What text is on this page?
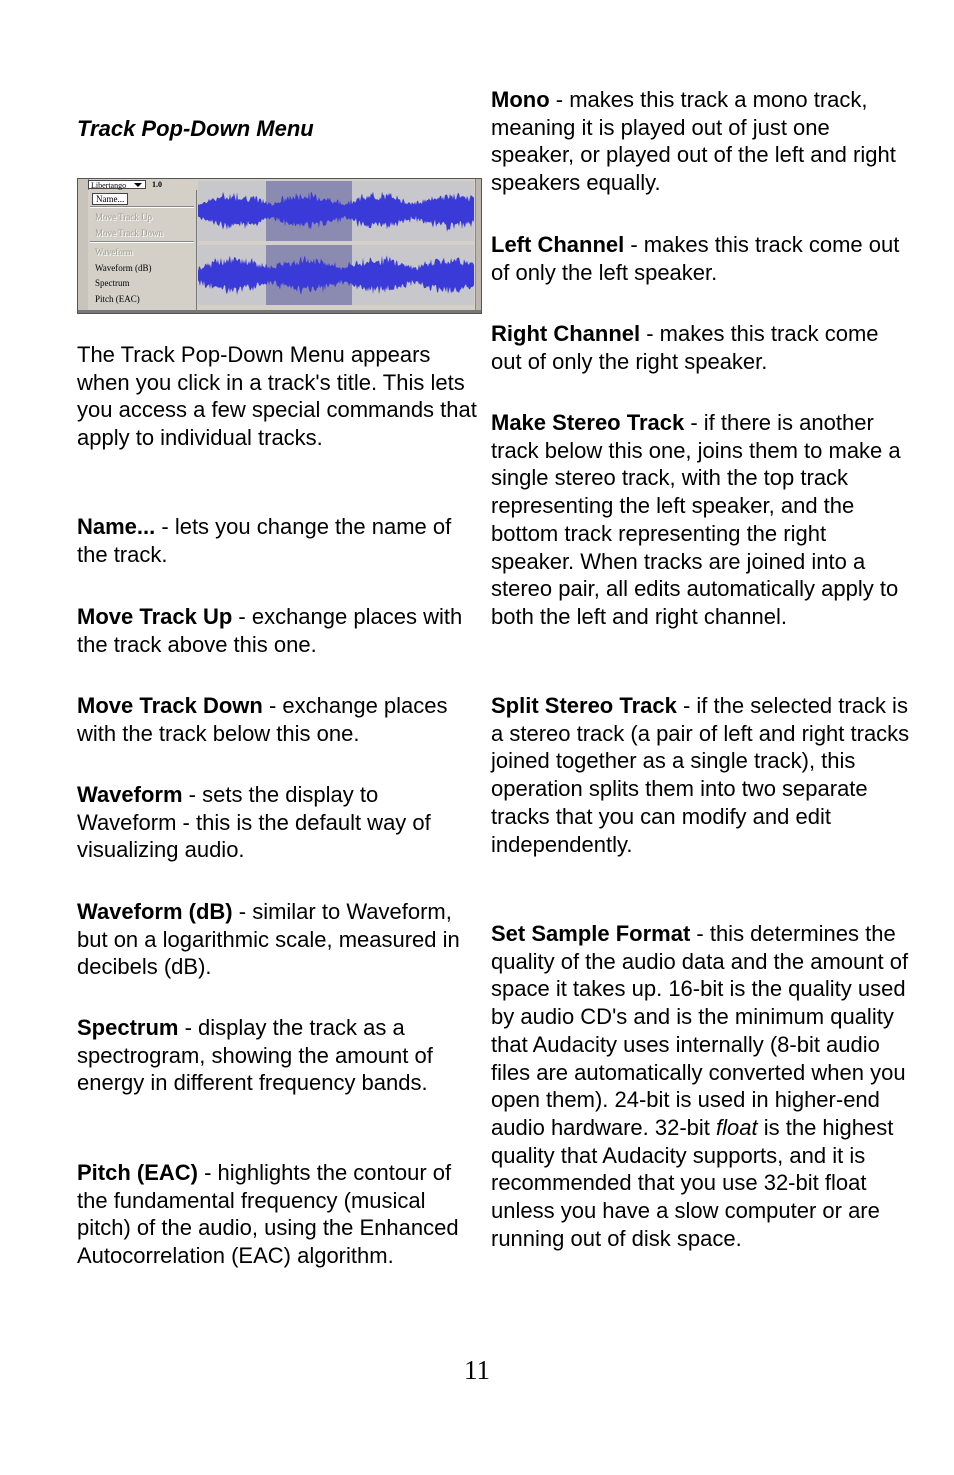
Track Pop-Down Menu

The Track Pop-Down Menu appears when you click in a track's title. This lets you access a few special commands that apply to individual tracks.

Name... - lets you change the name of the track.

Move Track Up - exchange places with the track above this one.

Move Track Down - exchange places with the track below this one.

Waveform - sets the display to Waveform - this is the default way of visualizing audio.

Waveform (dB) - similar to Waveform, but on a logarithmic scale, measured in decibels (dB).

Spectrum - display the track as a spectrogram, showing the amount of energy in different frequency bands.

Pitch (EAC) - highlights the contour of the fundamental frequency (musical pitch) of the audio, using the Enhanced Autocorrelation (EAC) algorithm.

Libertango	1.0
Name...
Move Track Up
Move Track Down
Waveform
Waveform (dB)
Spectrum
Pitch (EAC)

Mono - makes this track a mono track, meaning it is played out of just one speaker, or played out of the left and right speakers equally.

Left Channel - makes this track come out of only the left speaker.

Right Channel - makes this track come out of only the right speaker.

Make Stereo Track - if there is another track below this one, joins them to make a single stereo track, with the top track representing the left speaker, and the bottom track representing the right speaker. When tracks are joined into a stereo pair, all edits automatically apply to both the left and right channel.

Split Stereo Track - if the selected track is a stereo track (a pair of left and right tracks joined together as a single track), this operation splits them into two separate tracks that you can modify and edit independently.

Set Sample Format - this determines the quality of the audio data and the amount of space it takes up. 16-bit is the quality used by audio CD's and is the minimum quality that Audacity uses internally (8-bit audio files are automatically converted when you open them). 24-bit is used in higher-end audio hardware. 32-bit float is the highest quality that Audacity supports, and it is recommended that you use 32-bit float unless you have a slow computer or are running out of disk space.

11
